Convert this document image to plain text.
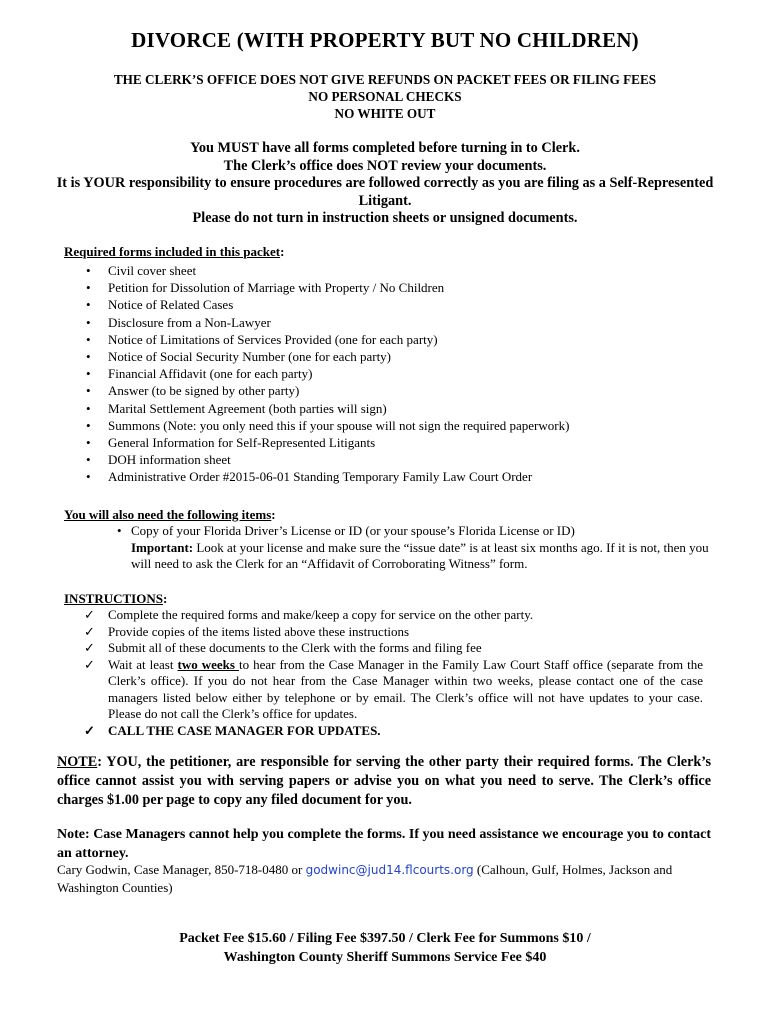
DIVORCE (WITH PROPERTY BUT NO CHILDREN)
THE CLERK’S OFFICE DOES NOT GIVE REFUNDS ON PACKET FEES OR FILING FEES
NO PERSONAL CHECKS
NO WHITE OUT
You MUST have all forms completed before turning in to Clerk.
The Clerk’s office does NOT review your documents.
It is YOUR responsibility to ensure procedures are followed correctly as you are filing as a Self-Represented Litigant.
Please do not turn in instruction sheets or unsigned documents.
Required forms included in this packet:
• Civil cover sheet
• Petition for Dissolution of Marriage with Property / No Children
• Notice of Related Cases
• Disclosure from a Non-Lawyer
• Notice of Limitations of Services Provided (one for each party)
• Notice of Social Security Number (one for each party)
• Financial Affidavit (one for each party)
• Answer (to be signed by other party)
• Marital Settlement Agreement (both parties will sign)
• Summons (Note: you only need this if your spouse will not sign the required paperwork)
• General Information for Self-Represented Litigants
• DOH information sheet
• Administrative Order #2015-06-01 Standing Temporary Family Law Court Order
You will also need the following items:
• Copy of your Florida Driver’s License or ID (or your spouse’s Florida License or ID)
Important: Look at your license and make sure the “issue date” is at least six months ago. If it is not, then you will need to ask the Clerk for an “Affidavit of Corroborating Witness” form.
INSTRUCTIONS:
✓ Complete the required forms and make/keep a copy for service on the other party.
✓ Provide copies of the items listed above these instructions
✓ Submit all of these documents to the Clerk with the forms and filing fee
✓ Wait at least two weeks to hear from the Case Manager in the Family Law Court Staff office (separate from the Clerk’s office). If you do not hear from the Case Manager within two weeks, please contact one of the case managers listed below either by telephone or by email. The Clerk’s office will not have updates to your case. Please do not call the Clerk’s office for updates.
✓ CALL THE CASE MANAGER FOR UPDATES.
NOTE: YOU, the petitioner, are responsible for serving the other party their required forms. The Clerk’s office cannot assist you with serving papers or advise you on what you need to serve. The Clerk’s office charges $1.00 per page to copy any filed document for you.
Note: Case Managers cannot help you complete the forms. If you need assistance we encourage you to contact an attorney.
Cary Godwin, Case Manager, 850-718-0480 or godwinc@jud14.flcourts.org (Calhoun, Gulf, Holmes, Jackson and Washington Counties)
Packet Fee $15.60 / Filing Fee $397.50 / Clerk Fee for Summons $10 /
Washington County Sheriff Summons Service Fee $40
